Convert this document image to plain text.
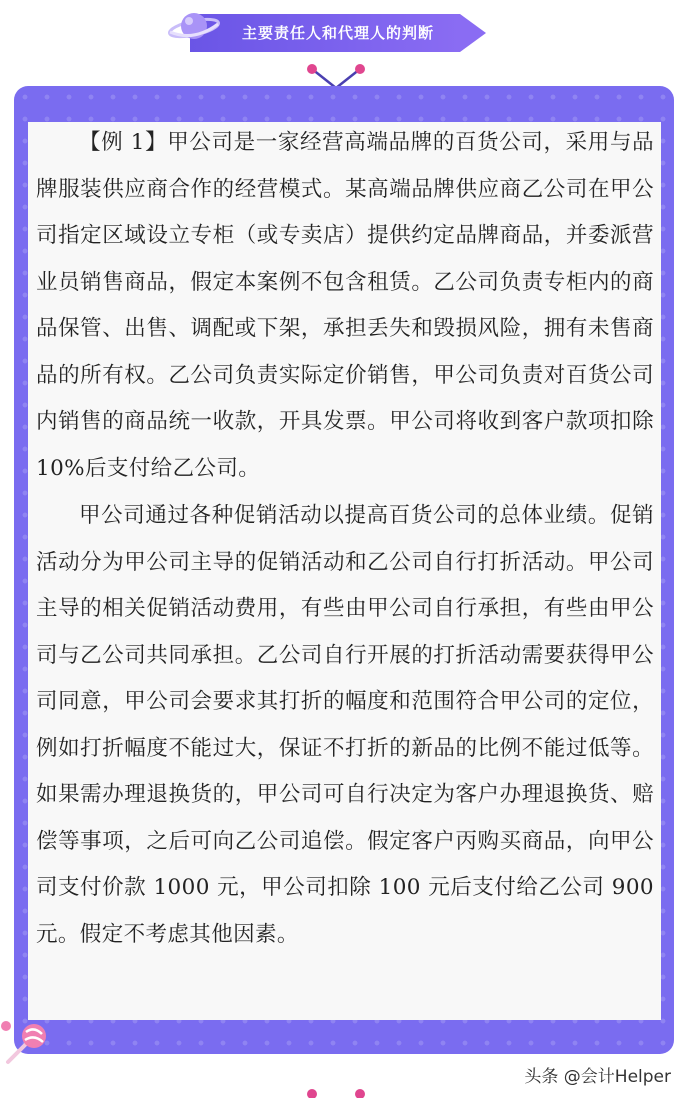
主要责任人和代理人的判断

【例 1】甲公司是一家经营高端品牌的百货公司，采用与品牌服装供应商合作的经营模式。某高端品牌供应商乙公司在甲公司指定区域设立专柜（或专卖店）提供约定品牌商品，并委派营业员销售商品，假定本案例不包含租赁。乙公司负责专柜内的商品保管、出售、调配或下架，承担丢失和毁损风险，拥有未售商品的所有权。乙公司负责实际定价销售，甲公司负责对百货公司内销售的商品统一收款，开具发票。甲公司将收到客户款项扣除 10%后支付给乙公司。

甲公司通过各种促销活动以提高百货公司的总体业绩。促销活动分为甲公司主导的促销活动和乙公司自行打折活动。甲公司主导的相关促销活动费用，有些由甲公司自行承担，有些由甲公司与乙公司共同承担。乙公司自行开展的打折活动需要获得甲公司同意，甲公司会要求其打折的幅度和范围符合甲公司的定位，例如打折幅度不能过大，保证不打折的新品的比例不能过低等。如果需办理退换货的，甲公司可自行决定为客户办理退换货、赔偿等事项，之后可向乙公司追偿。假定客户丙购买商品，向甲公司支付价款 1000 元，甲公司扣除 100 元后支付给乙公司 900 元。假定不考虑其他因素。

头条 @会计Helper
